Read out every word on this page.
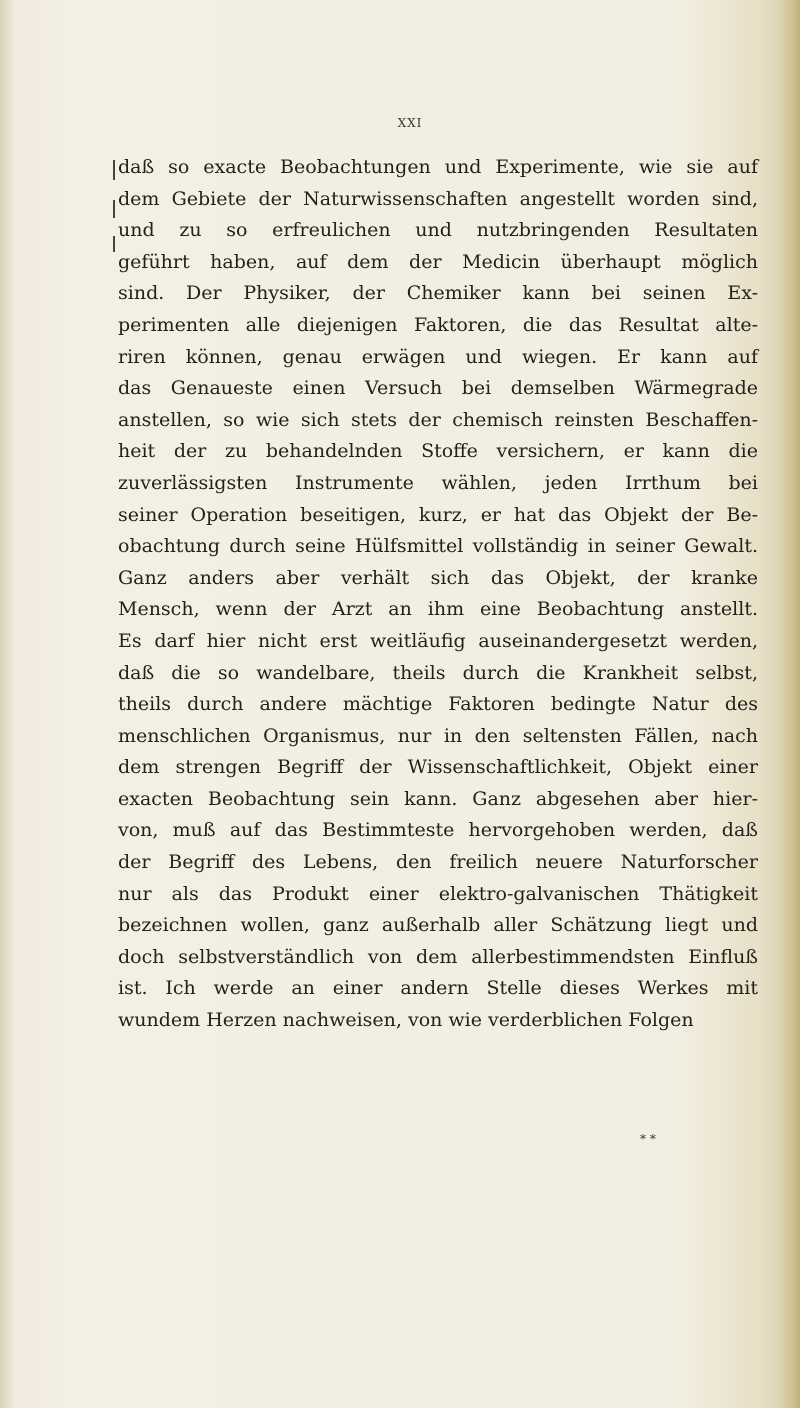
XXI
daß so exacte Beobachtungen und Experimente, wie sie auf
dem Gebiete der Naturwissenschaften angestellt worden sind,
und zu so erfreulichen und nutzbringenden Resultaten
geführt haben, auf dem der Medicin überhaupt möglich
sind. Der Physiker, der Chemiker kann bei seinen Ex-
perimenten alle diejenigen Faktoren, die das Resultat alte-
riren können, genau erwägen und wiegen. Er kann auf
das Genaueste einen Versuch bei demselben Wärmegrade
anstellen, so wie sich stets der chemisch reinsten Beschaffen-
heit der zu behandelnden Stoffe versichern, er kann die
zuverlässigsten Instrumente wählen, jeden Irrthum bei
seiner Operation beseitigen, kurz, er hat das Objekt der Be-
obachtung durch seine Hülfsmittel vollständig in seiner Gewalt.
Ganz anders aber verhält sich das Objekt, der kranke
Mensch, wenn der Arzt an ihm eine Beobachtung anstellt.
Es darf hier nicht erst weitläufig auseinandergesetzt werden,
daß die so wandelbare, theils durch die Krankheit selbst,
theils durch andere mächtige Faktoren bedingte Natur des
menschlichen Organismus, nur in den seltensten Fällen, nach
dem strengen Begriff der Wissenschaftlichkeit, Objekt einer
exacten Beobachtung sein kann. Ganz abgesehen aber hier-
von, muß auf das Bestimmteste hervorgehoben werden, daß
der Begriff des Lebens, den freilich neuere Naturforscher
nur als das Produkt einer elektro-galvanischen Thätigkeit
bezeichnen wollen, ganz außerhalb aller Schätzung liegt und
doch selbstverständlich von dem allerbestimmendsten Einfluß
ist. Ich werde an einer andern Stelle dieses Werkes mit
wundem Herzen nachweisen, von wie verderblichen Folgen
* *
